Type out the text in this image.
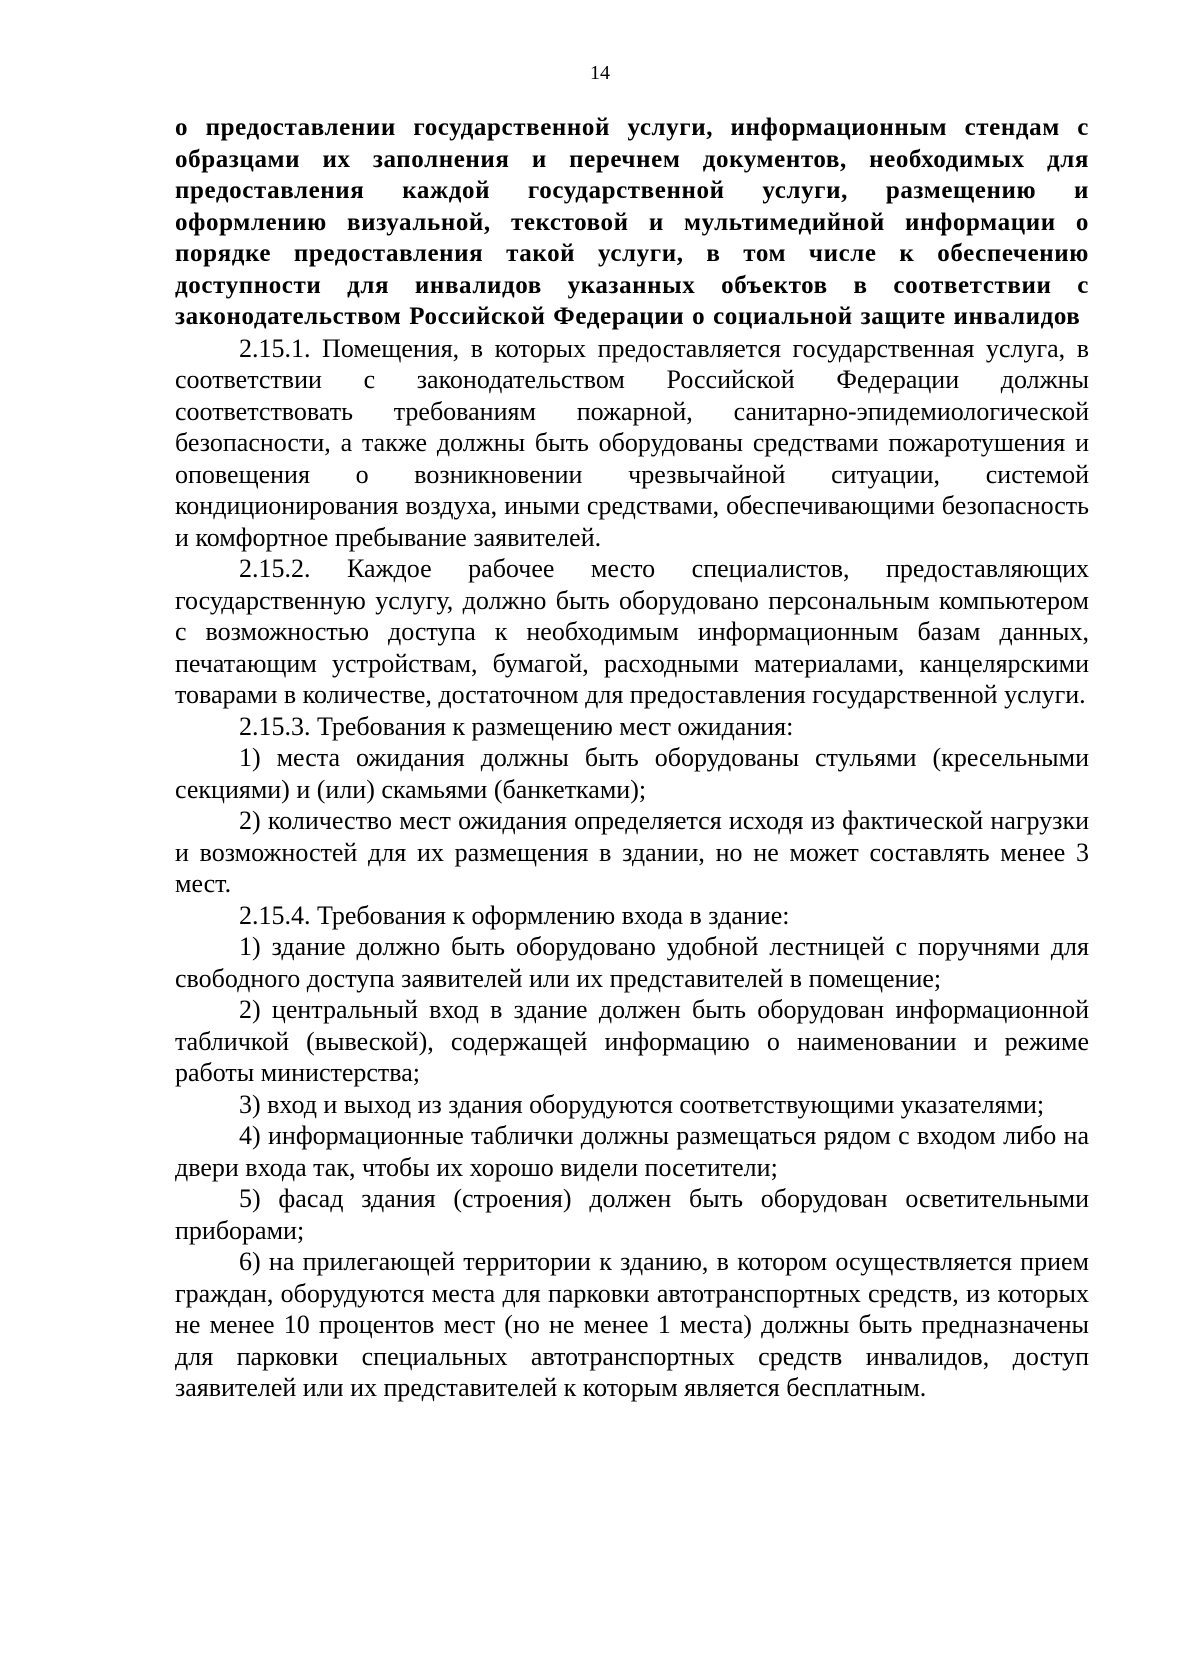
14

о предоставлении государственной услуги, информационным стендам с образцами их заполнения и перечнем документов, необходимых для предоставления каждой государственной услуги, размещению и оформлению визуальной, текстовой и мультимедийной информации о порядке предоставления такой услуги, в том числе к обеспечению доступности для инвалидов указанных объектов в соответствии с законодательством Российской Федерации о социальной защите инвалидов

2.15.1. Помещения, в которых предоставляется государственная услуга, в соответствии с законодательством Российской Федерации должны соответствовать требованиям пожарной, санитарно-эпидемиологической безопасности, а также должны быть оборудованы средствами пожаротушения и оповещения о возникновении чрезвычайной ситуации, системой кондиционирования воздуха, иными средствами, обеспечивающими безопасность и комфортное пребывание заявителей.

2.15.2. Каждое рабочее место специалистов, предоставляющих государственную услугу, должно быть оборудовано персональным компьютером с возможностью доступа к необходимым информационным базам данных, печатающим устройствам, бумагой, расходными материалами, канцелярскими товарами в количестве, достаточном для предоставления государственной услуги.

2.15.3. Требования к размещению мест ожидания:

1) места ожидания должны быть оборудованы стульями (кресельными секциями) и (или) скамьями (банкетками);

2) количество мест ожидания определяется исходя из фактической нагрузки и возможностей для их размещения в здании, но не может составлять менее 3 мест.

2.15.4. Требования к оформлению входа в здание:

1) здание должно быть оборудовано удобной лестницей с поручнями для свободного доступа заявителей или их представителей в помещение;

2) центральный вход в здание должен быть оборудован информационной табличкой (вывеской), содержащей информацию о наименовании и режиме работы министерства;

3) вход и выход из здания оборудуются соответствующими указателями;

4) информационные таблички должны размещаться рядом с входом либо на двери входа так, чтобы их хорошо видели посетители;

5) фасад здания (строения) должен быть оборудован осветительными приборами;

6) на прилегающей территории к зданию, в котором осуществляется прием граждан, оборудуются места для парковки автотранспортных средств, из которых не менее 10 процентов мест (но не менее 1 места) должны быть предназначены для парковки специальных автотранспортных средств инвалидов, доступ заявителей или их представителей к которым является бесплатным.
